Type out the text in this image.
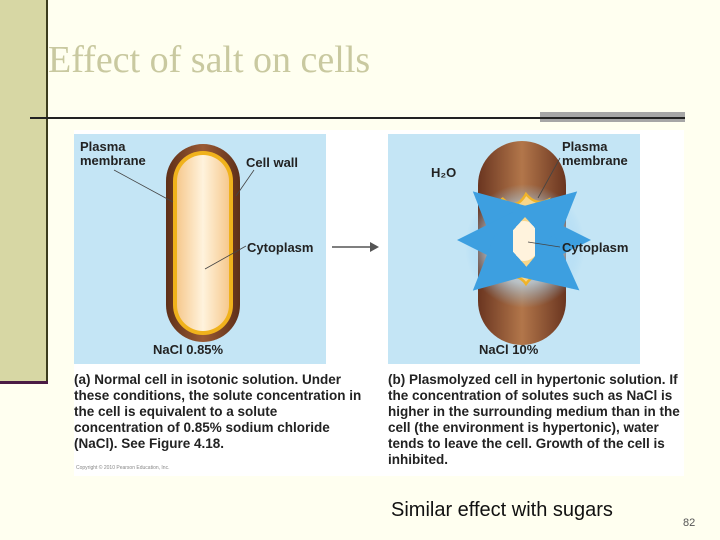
Effect of salt on cells
Plasma
membrane	Cell wall
Cytoplasm
NaCl 0.85%
H₂O
Plasma
membrane
Cytoplasm
NaCl 10%

(a) Normal cell in isotonic solution. Under these conditions, the solute concentration in the cell is equivalent to a solute concentration of 0.85% sodium chloride (NaCl). See Figure 4.18.

(b) Plasmolyzed cell in hypertonic solution. If the concentration of solutes such as NaCl is higher in the surrounding medium than in the cell (the environment is hypertonic), water tends to leave the cell. Growth of the cell is inhibited.

Copyright © 2010 Pearson Education, Inc.
Similar effect with sugars
82
